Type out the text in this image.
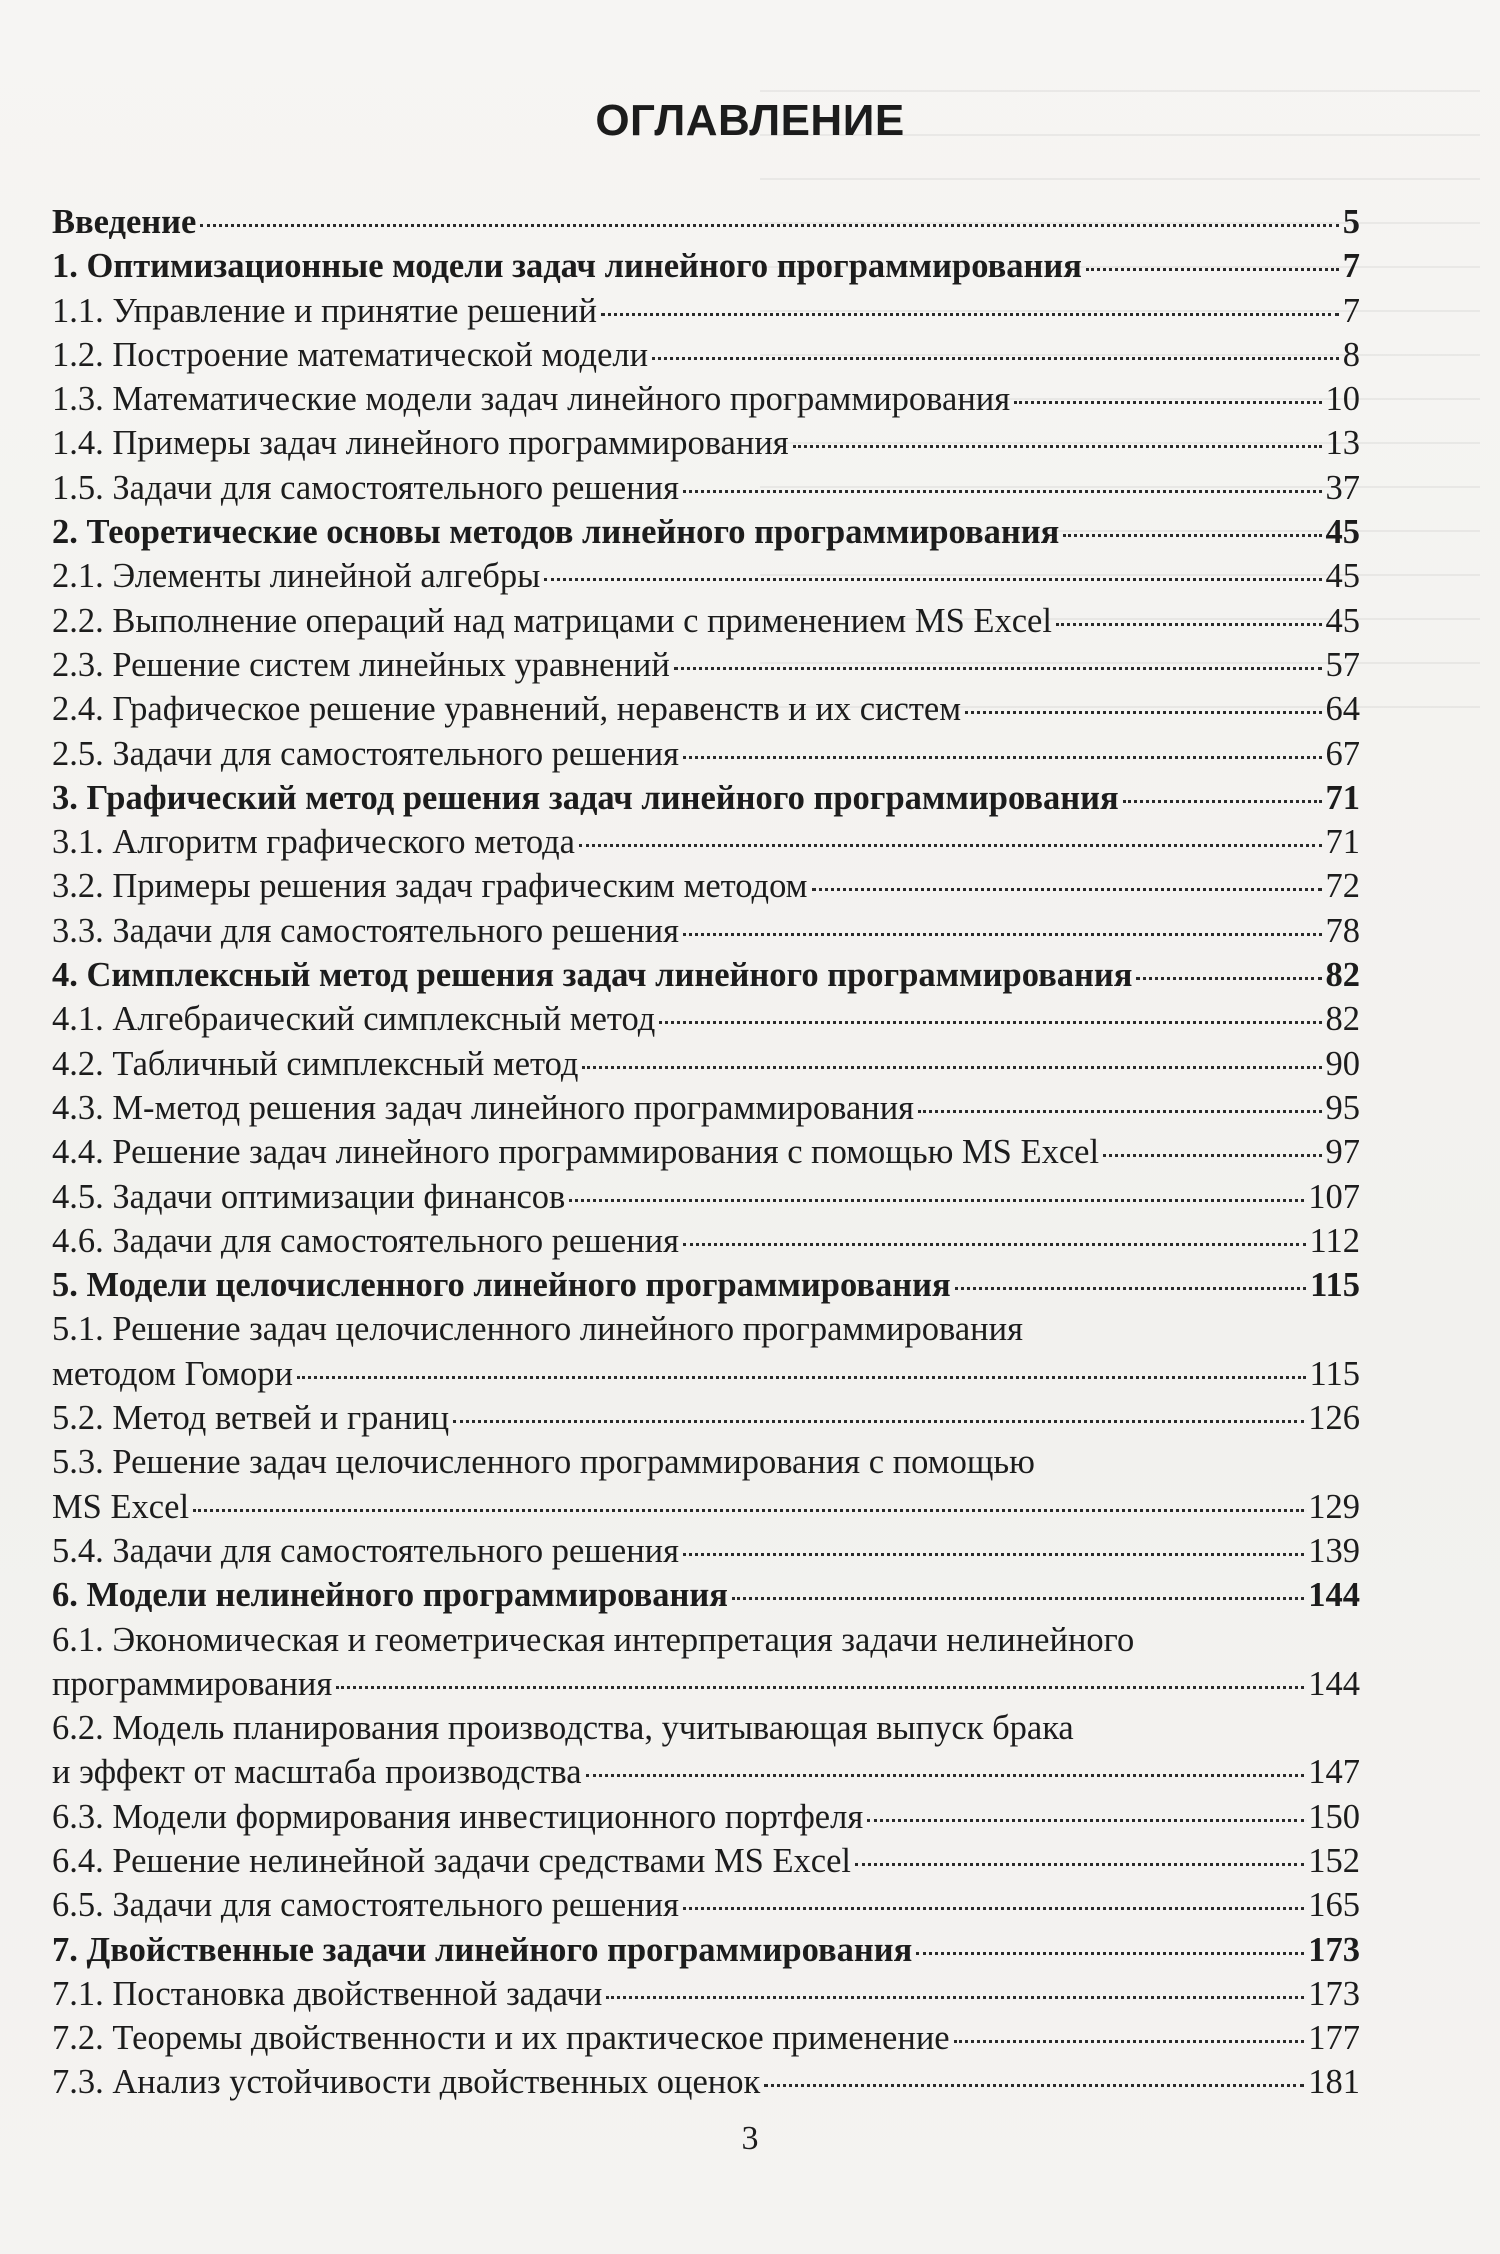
ОГЛАВЛЕНИЕ
Введение	5
1. Оптимизационные модели задач линейного программирования	7
1.1. Управление и принятие решений	7
1.2. Построение математической модели	8
1.3. Математические модели задач линейного программирования	10
1.4. Примеры задач линейного программирования	13
1.5. Задачи для самостоятельного решения	37
2. Теоретические основы методов линейного программирования	45
2.1. Элементы линейной алгебры	45
2.2. Выполнение операций над матрицами с применением MS Excel	45
2.3. Решение систем линейных уравнений	57
2.4. Графическое решение уравнений, неравенств и их систем	64
2.5. Задачи для самостоятельного решения	67
3. Графический метод решения задач линейного программирования	71
3.1. Алгоритм графического метода	71
3.2. Примеры решения задач графическим методом	72
3.3. Задачи для самостоятельного решения	78
4. Симплексный метод решения задач линейного программирования	82
4.1. Алгебраический симплексный метод	82
4.2. Табличный симплексный метод	90
4.3. М-метод решения задач линейного программирования	95
4.4. Решение задач линейного программирования с помощью MS Excel	97
4.5. Задачи оптимизации финансов	107
4.6. Задачи для самостоятельного решения	112
5. Модели целочисленного линейного программирования	115
5.1. Решение задач целочисленного линейного программирования
методом Гомори	115
5.2. Метод ветвей и границ	126
5.3. Решение задач целочисленного программирования с помощью
MS Excel	129
5.4. Задачи для самостоятельного решения	139
6. Модели нелинейного программирования	144
6.1. Экономическая и геометрическая интерпретация задачи нелинейного
программирования	144
6.2. Модель планирования производства, учитывающая выпуск брака
и эффект от масштаба производства	147
6.3. Модели формирования инвестиционного портфеля	150
6.4. Решение нелинейной задачи средствами MS Excel	152
6.5. Задачи для самостоятельного решения	165
7. Двойственные задачи линейного программирования	173
7.1. Постановка двойственной задачи	173
7.2. Теоремы двойственности и их практическое применение	177
7.3. Анализ устойчивости двойственных оценок	181
3
